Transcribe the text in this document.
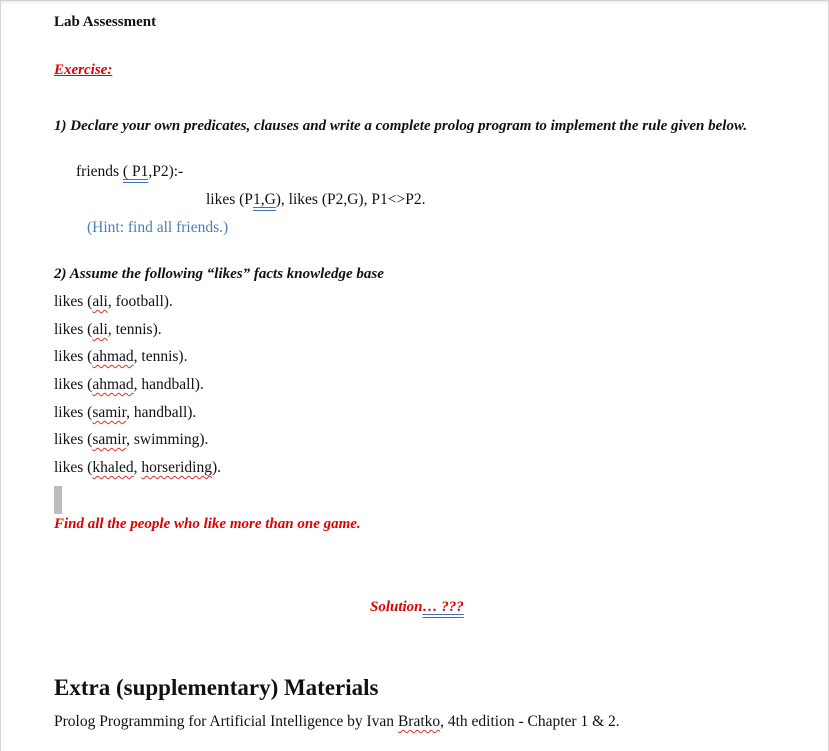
Lab Assessment
Exercise:
1) Declare your own predicates, clauses and write a complete prolog program to implement the rule given below.
friends ( P1,P2):-
likes (P1,G), likes (P2,G), P1<>P2.
(Hint: find all friends.)
2) Assume the following “likes” facts knowledge base
likes (ali, football).
likes (ali, tennis).
likes (ahmad, tennis).
likes (ahmad, handball).
likes (samir, handball).
likes (samir, swimming).
likes (khaled, horseriding).
Find all the people who like more than one game.
Solution… ???
Extra (supplementary) Materials
Prolog Programming for Artificial Intelligence by Ivan Bratko, 4th edition - Chapter 1 & 2.
